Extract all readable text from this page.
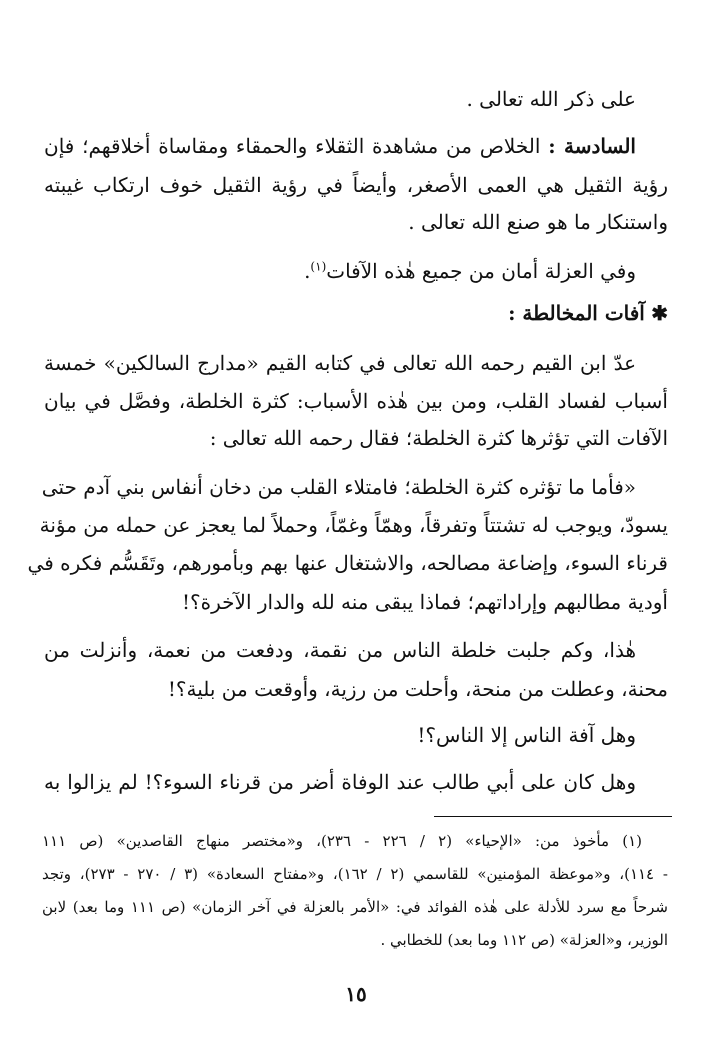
على ذكر الله تعالى .
السادسة : الخلاص من مشاهدة الثقلاء والحمقاء ومقاساة أخلاقهم؛ فإن
رؤية الثقيل هي العمى الأصغر، وأيضاً في رؤية الثقيل خوف ارتكاب غيبته
واستنكار ما هو صنع الله تعالى .
وفي العزلة أمان من جميع هٰذه الآفات$^{(١)}$.
✱ آفات المخالطة :
عدّ ابن القيم رحمه الله تعالى في كتابه القيم «مدارج السالكين» خمسة
أسباب لفساد القلب، ومن بين هٰذه الأسباب: كثرة الخلطة، وفصَّل في بيان
الآفات التي تؤثرها كثرة الخلطة؛ فقال رحمه الله تعالى :
«فأما ما تؤثره كثرة الخلطة؛ فامتلاء القلب من دخان أنفاس بني آدم حتى
يسودّ، ويوجب له تشتتاً وتفرقاً، وهمّاً وغمّاً، وحملاً لما يعجز عن حمله من مؤنة
قرناء السوء، وإضاعة مصالحه، والاشتغال عنها بهم وبأمورهم، وتَقَسُّم فكره في
أودية مطالبهم وإراداتهم؛ فماذا يبقى منه لله والدار الآخرة؟!
هٰذا، وكم جلبت خلطة الناس من نقمة، ودفعت من نعمة، وأنزلت من
محنة، وعطلت من منحة، وأحلت من رزية، وأوقعت من بلية؟!
وهل آفة الناس إلا الناس؟!
وهل كان على أبي طالب عند الوفاة أضر من قرناء السوء؟! لم يزالوا به
(١) مأخوذ من: «الإحياء» (٢ / ٢٢٦ - ٢٣٦)، و«مختصر منهاج القاصدين» (ص ١١١
- ١١٤)، و«موعظة المؤمنين» للقاسمي (٢ / ١٦٢)، و«مفتاح السعادة» (٣ / ٢٧٠ - ٢٧٣)، وتجد
شرحاً مع سرد للأدلة على هٰذه الفوائد في: «الأمر بالعزلة في آخر الزمان» (ص ١١١ وما بعد) لابن
الوزير، و«العزلة» (ص ١١٢ وما بعد) للخطابي .
١٥
